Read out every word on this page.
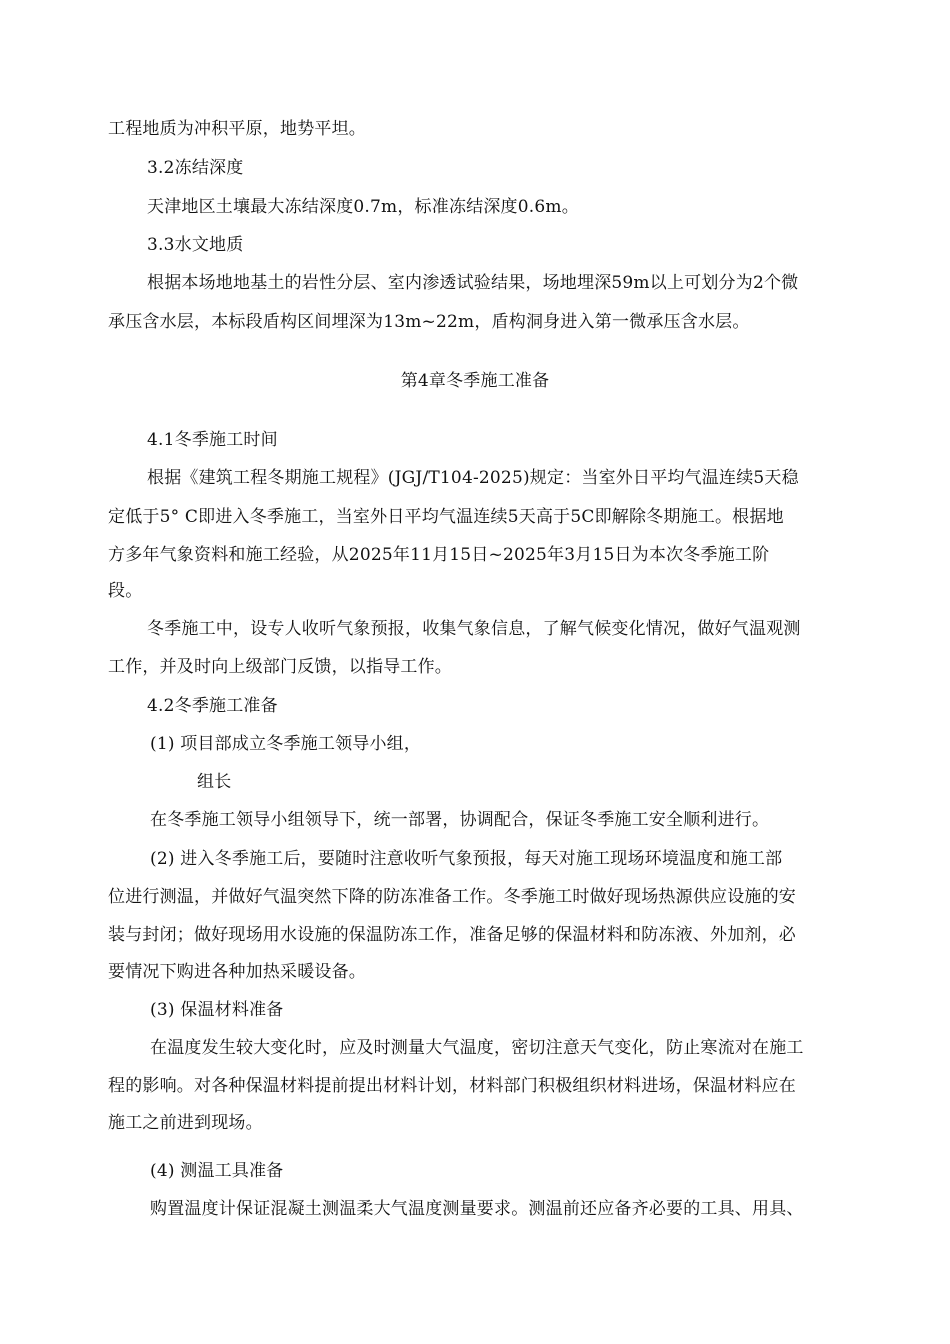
工程地质为冲积平原，地势平坦。
3.2冻结深度
天津地区土壤最大冻结深度0.7m，标准冻结深度0.6m。
3.3水文地质
根据本场地地基土的岩性分层、室内渗透试验结果，场地埋深59m以上可划分为2个微
承压含水层，本标段盾构区间埋深为13m~22m，盾构洞身进入第一微承压含水层。
第4章冬季施工准备
4.1冬季施工时间
根据《建筑工程冬期施工规程》(JGJ/T104-2025)规定：当室外日平均气温连续5天稳
定低于5° C即进入冬季施工，当室外日平均气温连续5天高于5C即解除冬期施工。根据地
方多年气象资料和施工经验，从2025年11月15日~2025年3月15日为本次冬季施工阶
段。
冬季施工中，设专人收听气象预报，收集气象信息，了解气候变化情况，做好气温观测
工作，并及时向上级部门反馈，以指导工作。
4.2冬季施工准备
(1) 项目部成立冬季施工领导小组，
组长
在冬季施工领导小组领导下，统一部署，协调配合，保证冬季施工安全顺利进行。
(2) 进入冬季施工后，要随时注意收听气象预报，每天对施工现场环境温度和施工部
位进行测温，并做好气温突然下降的防冻准备工作。冬季施工时做好现场热源供应设施的安
装与封闭；做好现场用水设施的保温防冻工作，准备足够的保温材料和防冻液、外加剂，必
要情况下购进各种加热采暖设备。
(3) 保温材料准备
在温度发生较大变化时，应及时测量大气温度，密切注意天气变化，防止寒流对在施工
程的影响。对各种保温材料提前提出材料计划，材料部门积极组织材料进场，保温材料应在
施工之前进到现场。
(4) 测温工具准备
购置温度计保证混凝土测温柔大气温度测量要求。测温前还应备齐必要的工具、用具、
